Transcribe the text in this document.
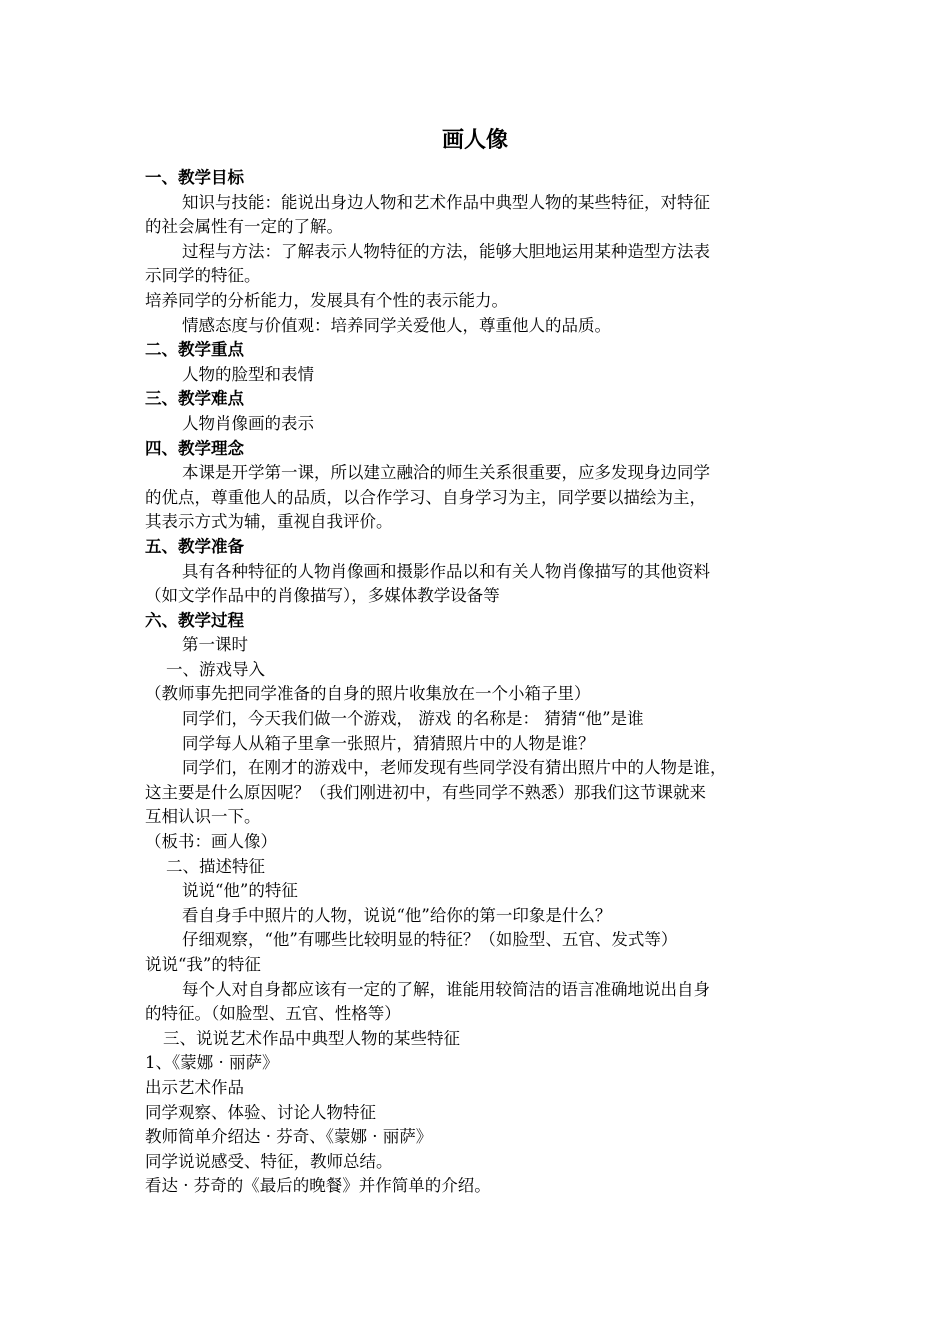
画人像
一、教学目标
知识与技能：能说出身边人物和艺术作品中典型人物的某些特征，对特征
的社会属性有一定的了解。
过程与方法：了解表示人物特征的方法，能够大胆地运用某种造型方法表
示同学的特征。
培养同学的分析能力，发展具有个性的表示能力。
情感态度与价值观：培养同学关爱他人，尊重他人的品质。
二、教学重点
人物的脸型和表情
三、教学难点
人物肖像画的表示
四、教学理念
本课是开学第一课，所以建立融洽的师生关系很重要，应多发现身边同学
的优点，尊重他人的品质，以合作学习、自身学习为主，同学要以描绘为主，
其表示方式为辅，重视自我评价。
五、教学准备
具有各种特征的人物肖像画和摄影作品以和有关人物肖像描写的其他资料
（如文学作品中的肖像描写），多媒体教学设备等
六、教学过程
第一课时
一、游戏导入
（教师事先把同学准备的自身的照片收集放在一个小箱子里）
同学们，今天我们做一个游戏， 游戏 的名称是： 猜猜“他”是谁
同学每人从箱子里拿一张照片，猜猜照片中的人物是谁？
同学们，在刚才的游戏中，老师发现有些同学没有猜出照片中的人物是谁，
这主要是什么原因呢？（我们刚进初中，有些同学不熟悉）那我们这节课就来
互相认识一下。
（板书：画人像）
二、描述特征
说说“他”的特征
看自身手中照片的人物，说说“他”给你的第一印象是什么？
仔细观察，“他”有哪些比较明显的特征？（如脸型、五官、发式等）
说说“我”的特征
每个人对自身都应该有一定的了解，谁能用较简洁的语言准确地说出自身
的特征。（如脸型、五官、性格等）
三、说说艺术作品中典型人物的某些特征
1、《蒙娜 · 丽萨》
出示艺术作品
同学观察、体验、讨论人物特征
教师简单介绍达 · 芬奇、《蒙娜 · 丽萨》
同学说说感受、特征，教师总结。
看达 · 芬奇的《最后的晚餐》并作简单的介绍。
